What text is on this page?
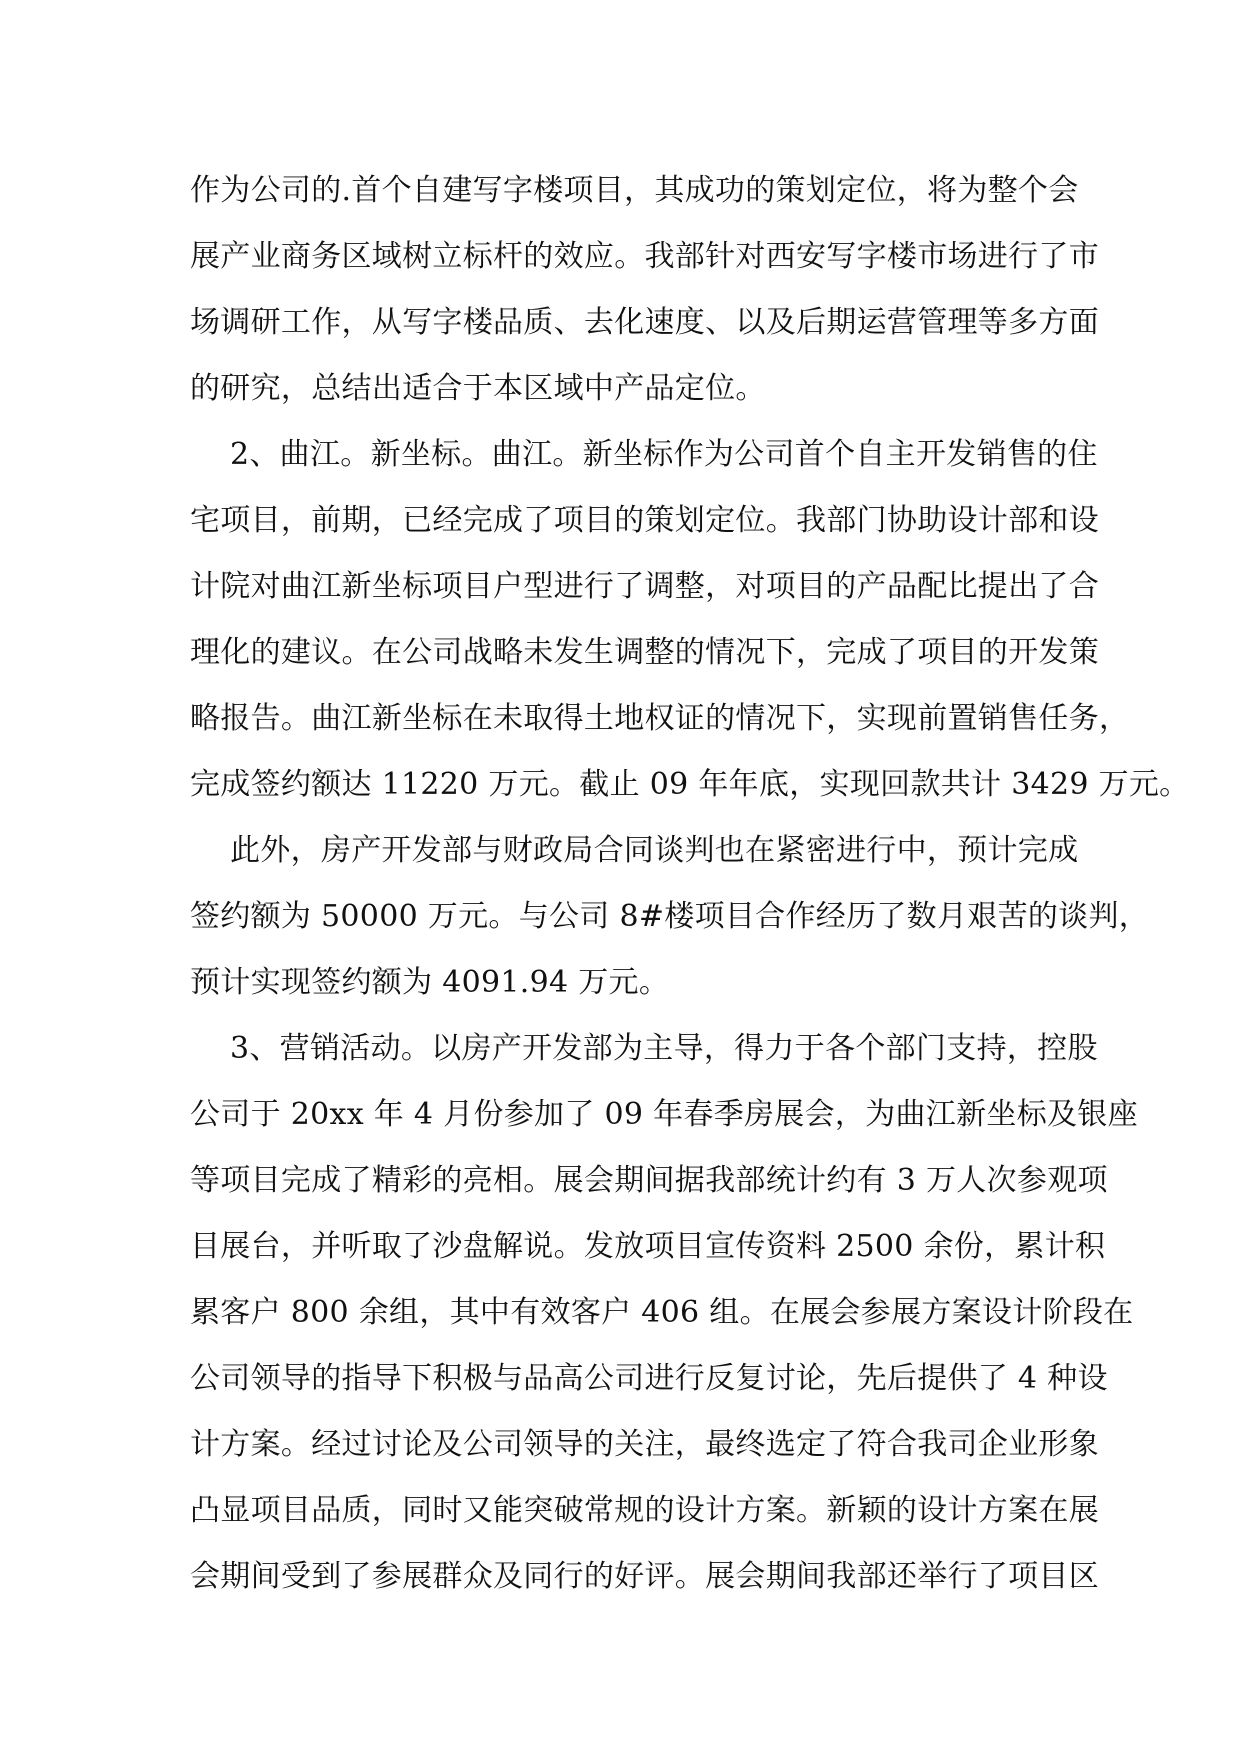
作为公司的.首个自建写字楼项目，其成功的策划定位，将为整个会
展产业商务区域树立标杆的效应。我部针对西安写字楼市场进行了市
场调研工作，从写字楼品质、去化速度、以及后期运营管理等多方面
的研究，总结出适合于本区域中产品定位。
2、曲江。新坐标。曲江。新坐标作为公司首个自主开发销售的住
宅项目，前期，已经完成了项目的策划定位。我部门协助设计部和设
计院对曲江新坐标项目户型进行了调整，对项目的产品配比提出了合
理化的建议。在公司战略未发生调整的情况下，完成了项目的开发策
略报告。曲江新坐标在未取得土地权证的情况下，实现前置销售任务，
完成签约额达 11220 万元。截止 09 年年底，实现回款共计 3429 万元。
此外，房产开发部与财政局合同谈判也在紧密进行中，预计完成
签约额为 50000 万元。与公司 8#楼项目合作经历了数月艰苦的谈判，
预计实现签约额为 4091.94 万元。
3、营销活动。以房产开发部为主导，得力于各个部门支持，控股
公司于 20xx 年 4 月份参加了 09 年春季房展会，为曲江新坐标及银座
等项目完成了精彩的亮相。展会期间据我部统计约有 3 万人次参观项
目展台，并听取了沙盘解说。发放项目宣传资料 2500 余份，累计积
累客户 800 余组，其中有效客户 406 组。在展会参展方案设计阶段在
公司领导的指导下积极与品高公司进行反复讨论，先后提供了 4 种设
计方案。经过讨论及公司领导的关注，最终选定了符合我司企业形象
凸显项目品质，同时又能突破常规的设计方案。新颖的设计方案在展
会期间受到了参展群众及同行的好评。展会期间我部还举行了项目区
